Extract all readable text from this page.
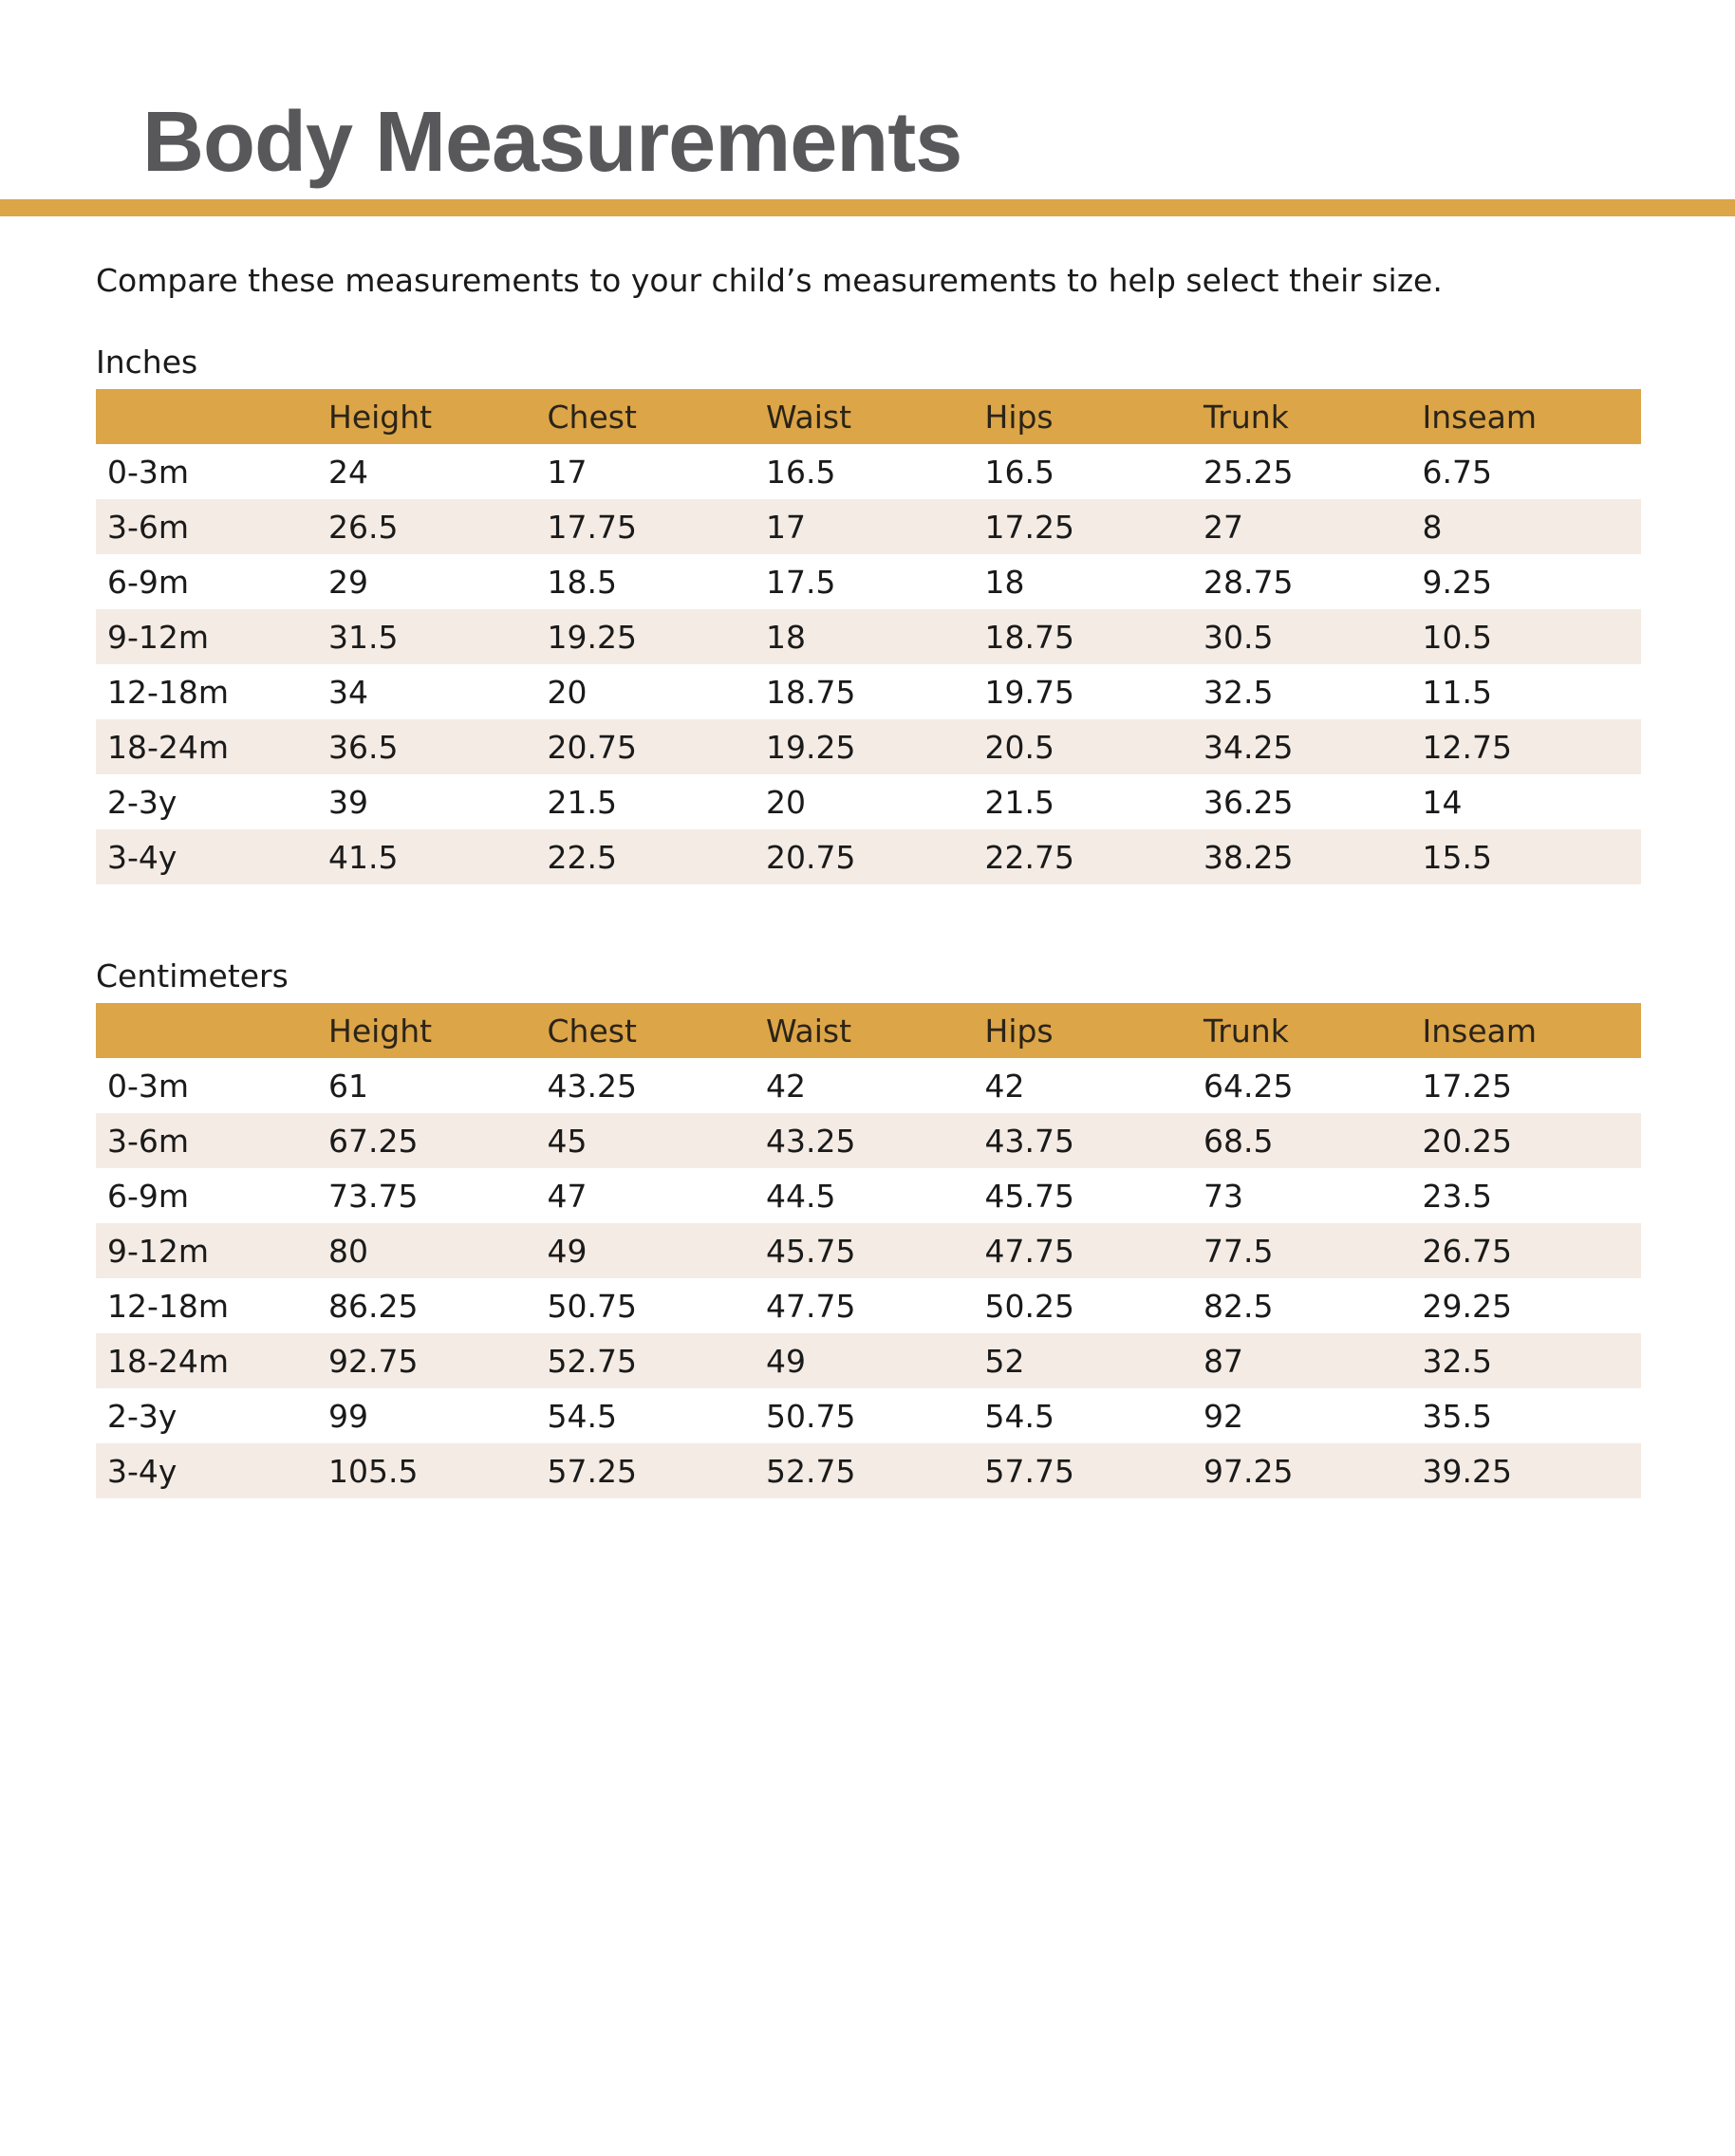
Body Measurements

Compare these measurements to your child’s measurements to help select their size.

Inches

	Height	Chest	Waist	Hips	Trunk	Inseam
0-3m	24	17	16.5	16.5	25.25	6.75
3-6m	26.5	17.75	17	17.25	27	8
6-9m	29	18.5	17.5	18	28.75	9.25
9-12m	31.5	19.25	18	18.75	30.5	10.5
12-18m	34	20	18.75	19.75	32.5	11.5
18-24m	36.5	20.75	19.25	20.5	34.25	12.75
2-3y	39	21.5	20	21.5	36.25	14
3-4y	41.5	22.5	20.75	22.75	38.25	15.5

Centimeters

	Height	Chest	Waist	Hips	Trunk	Inseam
0-3m	61	43.25	42	42	64.25	17.25
3-6m	67.25	45	43.25	43.75	68.5	20.25
6-9m	73.75	47	44.5	45.75	73	23.5
9-12m	80	49	45.75	47.75	77.5	26.75
12-18m	86.25	50.75	47.75	50.25	82.5	29.25
18-24m	92.75	52.75	49	52	87	32.5
2-3y	99	54.5	50.75	54.5	92	35.5
3-4y	105.5	57.25	52.75	57.75	97.25	39.25
